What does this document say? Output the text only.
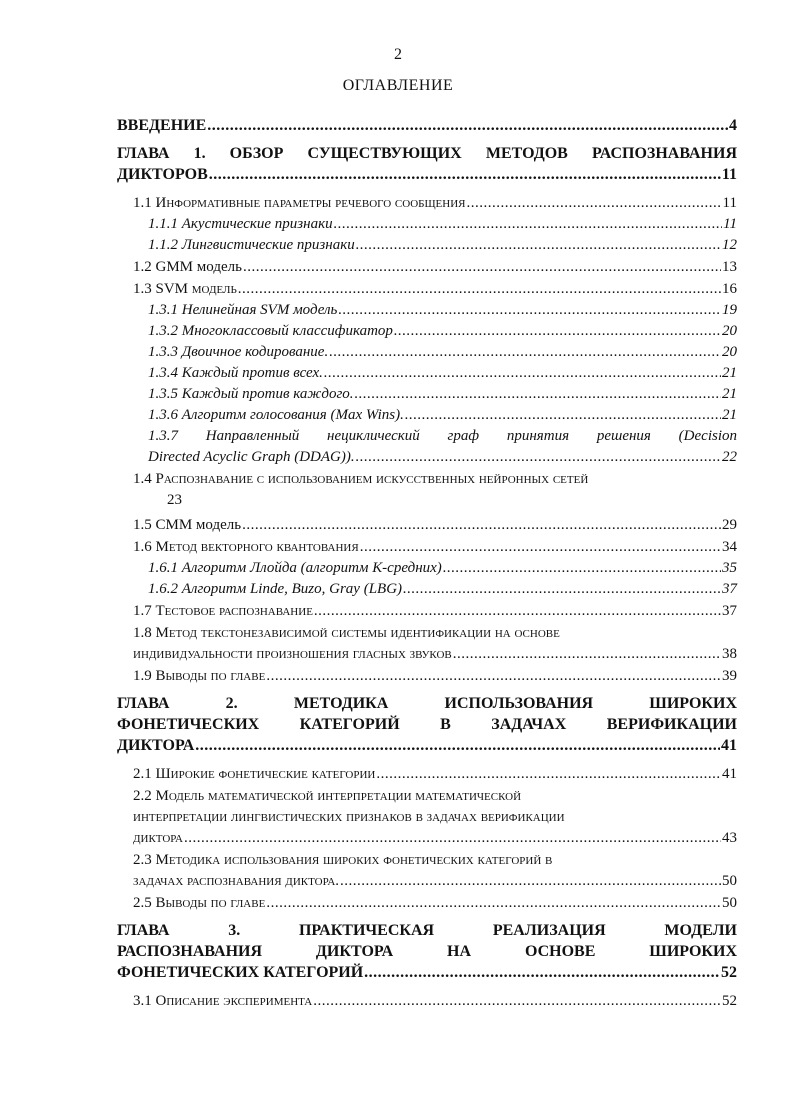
2
ОГЛАВЛЕНИЕ
ВВЕДЕНИЕ .....	4
ГЛАВА 1. ОБЗОР СУЩЕСТВУЮЩИХ МЕТОДОВ РАСПОЗНАВАНИЯ
ДИКТОРОВ .....	11
1.1 Информативные параметры речевого сообщения .....	11
1.1.1 Акустические признаки .....	11
1.1.2 Лингвистические признаки .....	12
1.2 GMM модель .....	13
1.3 SVM модель .....	16
1.3.1 Нелинейная SVM модель .....	19
1.3.2 Многоклассовый классификатор .....	20
1.3.3 Двоичное кодирование. .....	20
1.3.4 Каждый против всех. .....	21
1.3.5 Каждый против каждого. .....	21
1.3.6 Алгоритм голосования (Max Wins). .....	21
1.3.7 Направленный нециклический граф принятия решения (Decision
Directed Acyclic Graph (DDAG)). .....	22
1.4 Распознавание с использованием искусственных нейронных сетей
23
1.5 CMM модель .....	29
1.6 Метод векторного квантования .....	34
1.6.1 Алгоритм Ллойда (алгоритм К-средних) .....	35
1.6.2 Алгоритм Linde, Buzo, Gray (LBG) .....	37
1.7 Тестовое распознавание .....	37
1.8 Метод текстонезависимой системы идентификации на основе
индивидуальности произношения гласных звуков .....	38
1.9 Выводы по главе .....	39
ГЛАВА 2. МЕТОДИКА ИСПОЛЬЗОВАНИЯ ШИРОКИХ
ФОНЕТИЧЕСКИХ КАТЕГОРИЙ В ЗАДАЧАХ ВЕРИФИКАЦИИ
ДИКТОРА .....	41
2.1 Широкие фонетические категории .....	41
2.2 Модель математической интерпретации математической
интерпретации лингвистических признаков в задачах верификации
диктора .....	43
2.3 Методика использования широких фонетических категорий в
задачах распознавания диктора. .....	50
2.5 Выводы по главе .....	50
ГЛАВА 3. ПРАКТИЧЕСКАЯ РЕАЛИЗАЦИЯ МОДЕЛИ
РАСПОЗНАВАНИЯ ДИКТОРА НА ОСНОВЕ ШИРОКИХ
ФОНЕТИЧЕСКИХ КАТЕГОРИЙ .....	52
3.1 Описание эксперимента .....	52
